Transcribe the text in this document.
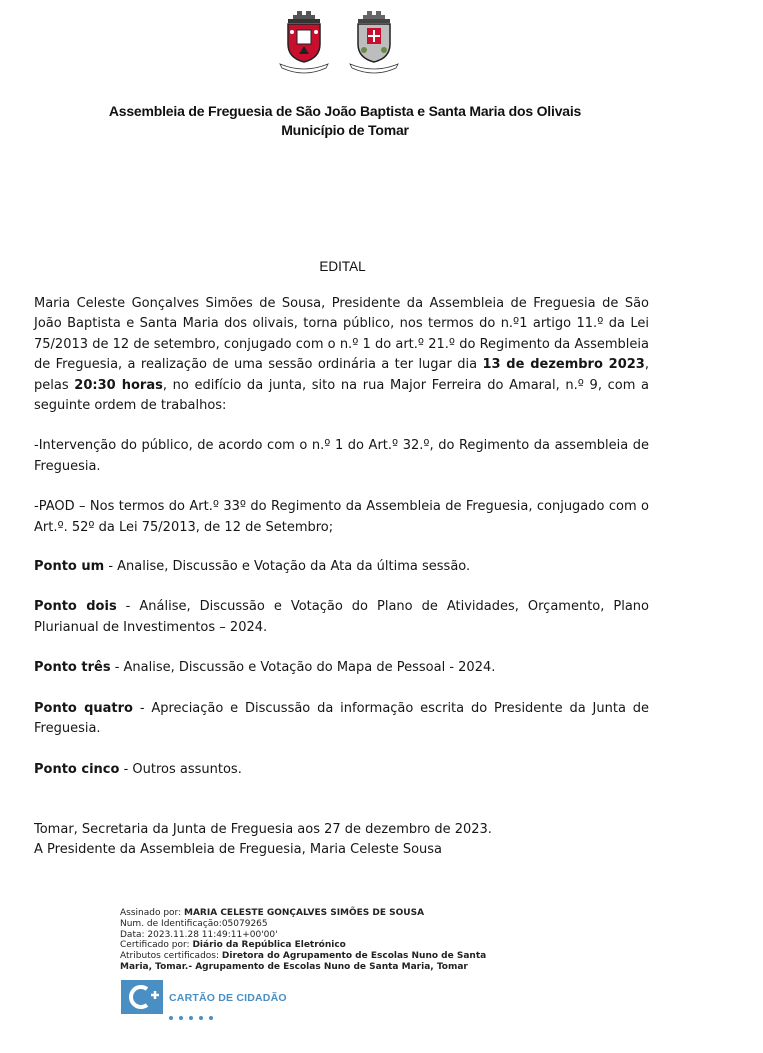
Assembleia de Freguesia de São João Baptista e Santa Maria dos Olivais
Município de Tomar
EDITAL

Maria Celeste Gonçalves Simões de Sousa, Presidente da Assembleia de Freguesia de São João Baptista e Santa Maria dos olivais, torna público, nos termos do n.º1 artigo 11.º da Lei 75/2013 de 12 de setembro, conjugado com o n.º 1 do art.º 21.º do Regimento da Assembleia de Freguesia, a realização de uma sessão ordinária a ter lugar dia 13 de dezembro 2023, pelas 20:30 horas, no edifício da junta, sito na rua Major Ferreira do Amaral, n.º 9, com a seguinte ordem de trabalhos:

-Intervenção do público, de acordo com o n.º 1 do Art.º 32.º, do Regimento da assembleia de Freguesia.

-PAOD – Nos termos do Art.º 33º do Regimento da Assembleia de Freguesia, conjugado com o Art.º. 52º da Lei 75/2013, de 12 de Setembro;

Ponto um - Analise, Discussão e Votação da Ata da última sessão.

Ponto dois - Análise, Discussão e Votação do Plano de Atividades, Orçamento, Plano Plurianual de Investimentos – 2024.

Ponto três - Analise, Discussão e Votação do Mapa de Pessoal - 2024.

Ponto quatro - Apreciação e Discussão da informação escrita do Presidente da Junta de Freguesia.

Ponto cinco - Outros assuntos.

Tomar, Secretaria da Junta de Freguesia aos 27 de dezembro de 2023.

A Presidente da Assembleia de Freguesia, Maria Celeste Sousa

Assinado por: MARIA CELESTE GONÇALVES SIMÕES DE SOUSA
Num. de Identificação:05079265
Data: 2023.11.28 11:49:11+00'00'
Certificado por: Diário da República Eletrónico
Atributos certificados: Diretora do Agrupamento de Escolas Nuno de Santa
Maria, Tomar.- Agrupamento de Escolas Nuno de Santa Maria, Tomar
CARTÃO DE CIDADÃO
